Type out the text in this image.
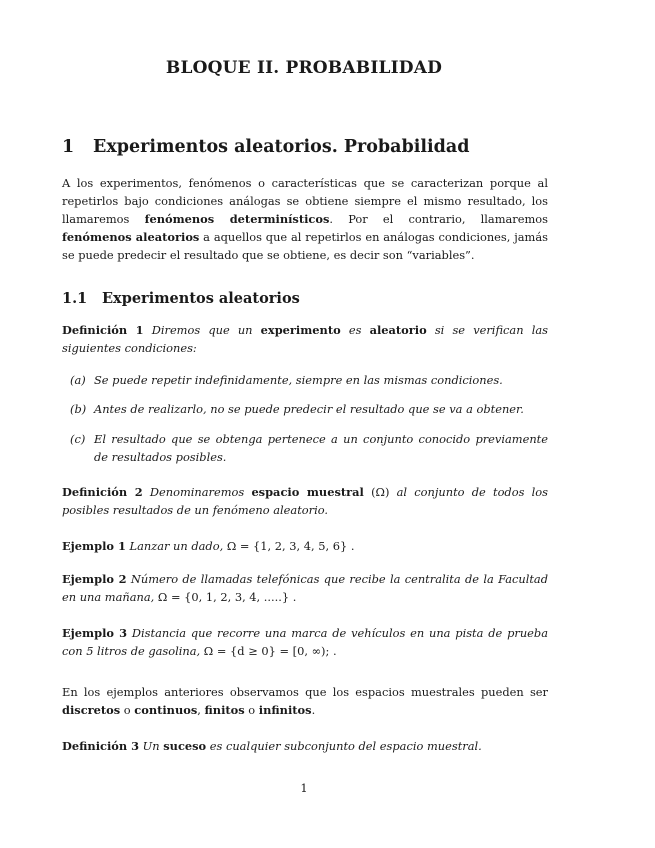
BLOQUE II. PROBABILIDAD
1 Experimentos aleatorios. Probabilidad
A los experimentos, fenómenos o características que se caracterizan porque al repetirlos bajo condiciones análogas se obtiene siempre el mismo resultado, los llamaremos fenómenos determinísticos. Por el contrario, llamaremos fenómenos aleatorios a aquellos que al repetirlos en análogas condiciones, jamás se puede predecir el resultado que se obtiene, es decir son “variables”.
1.1 Experimentos aleatorios
Definición 1 Diremos que un experimento es aleatorio si se verifican las siguientes condiciones:
(a) Se puede repetir indefinidamente, siempre en las mismas condiciones.
(b) Antes de realizarlo, no se puede predecir el resultado que se va a obtener.
(c) El resultado que se obtenga pertenece a un conjunto conocido previamente de resultados posibles.
Definición 2 Denominaremos espacio muestral (Ω) al conjunto de todos los posibles resultados de un fenómeno aleatorio.
Ejemplo 1 Lanzar un dado, Ω = {1, 2, 3, 4, 5, 6} .
Ejemplo 2 Número de llamadas telefónicas que recibe la centralita de la Facultad en una mañana, Ω = {0, 1, 2, 3, 4, .....} .
Ejemplo 3 Distancia que recorre una marca de vehículos en una pista de prueba con 5 litros de gasolina, Ω = {d ≥ 0} = [0, ∞); .
En los ejemplos anteriores observamos que los espacios muestrales pueden ser discretos o continuos, finitos o infinitos.
Definición 3 Un suceso es cualquier subconjunto del espacio muestral.
1
